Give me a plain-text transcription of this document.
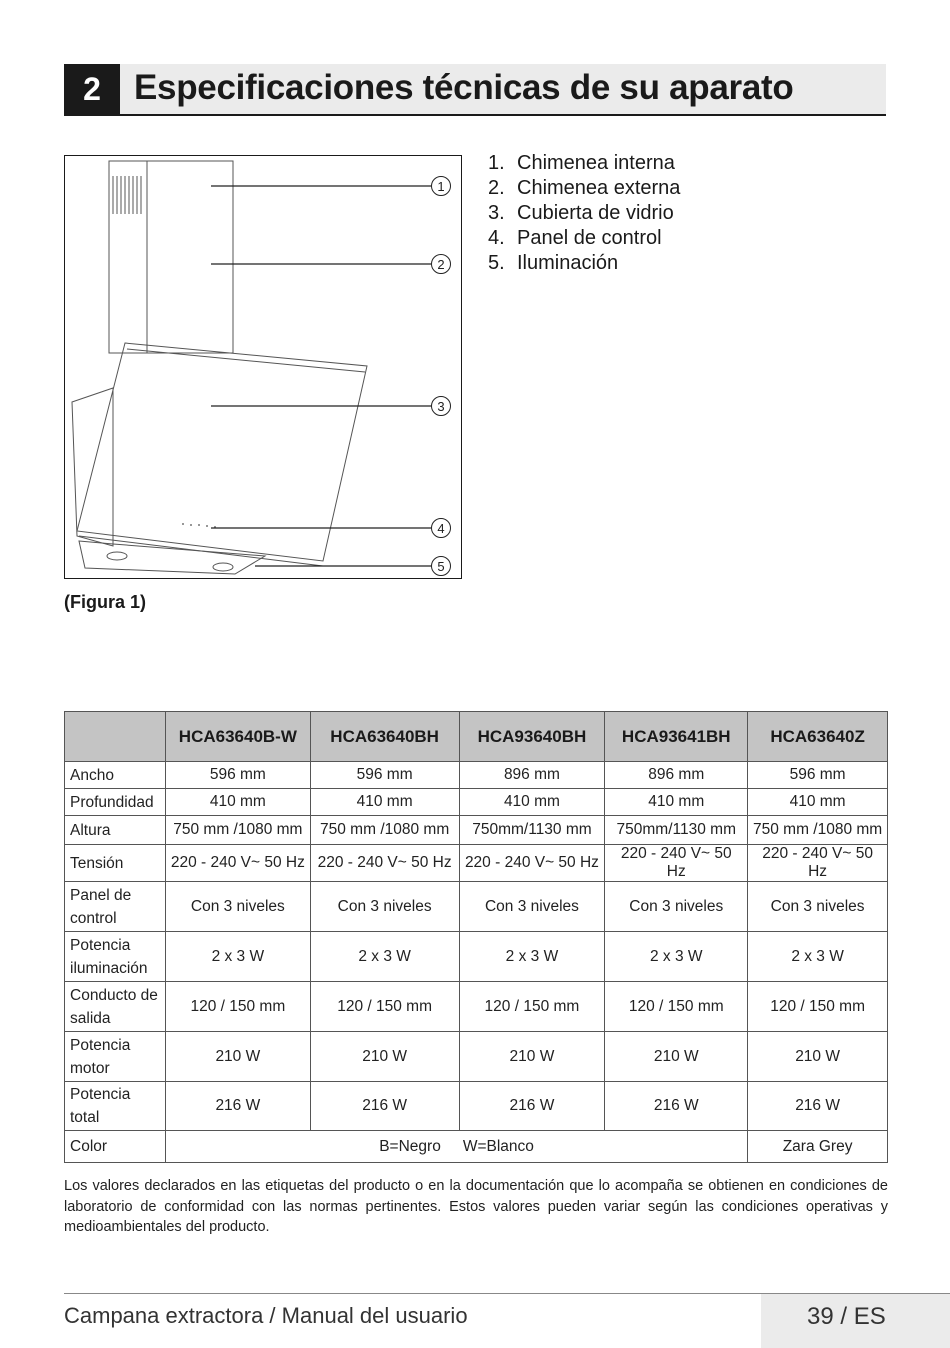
2 Especificaciones técnicas de su aparato
1
2
3
4
5
(Figura 1)
1. Chimenea interna
2. Chimenea externa
3. Cubierta de vidrio
4. Panel de control
5. Iluminación
	HCA63640B-W	HCA63640BH	HCA93640BH	HCA93641BH	HCA63640Z
Ancho	596 mm	596 mm	896 mm	896 mm	596 mm
Profundidad	410 mm	410 mm	410 mm	410 mm	410 mm
Altura	750 mm /1080 mm	750 mm /1080 mm	750mm/1130 mm	750mm/1130 mm	750 mm /1080 mm
Tensión	220 - 240 V~ 50 Hz	220 - 240 V~ 50 Hz	220 - 240 V~ 50 Hz	220 - 240 V~ 50 Hz	220 - 240 V~ 50 Hz
Panel de
control	Con 3 niveles	Con 3 niveles	Con 3 niveles	Con 3 niveles	Con 3 niveles
Potencia
iluminación	2 x 3 W	2 x 3 W	2 x 3 W	2 x 3 W	2 x 3 W
Conducto de
salida	120 / 150 mm	120 / 150 mm	120 / 150 mm	120 / 150 mm	120 / 150 mm
Potencia
motor	210 W	210 W	210 W	210 W	210 W
Potencia
total	216 W	216 W	216 W	216 W	216 W
Color	B=Negro W=Blanco				Zara Grey
Los valores declarados en las etiquetas del producto o en la documentación que lo acompaña se obtienen en condiciones de laboratorio de conformidad con las normas pertinentes. Estos valores pueden variar según las condiciones operativas y medioambientales del producto.
Campana extractora / Manual del usuario	39 / ES
